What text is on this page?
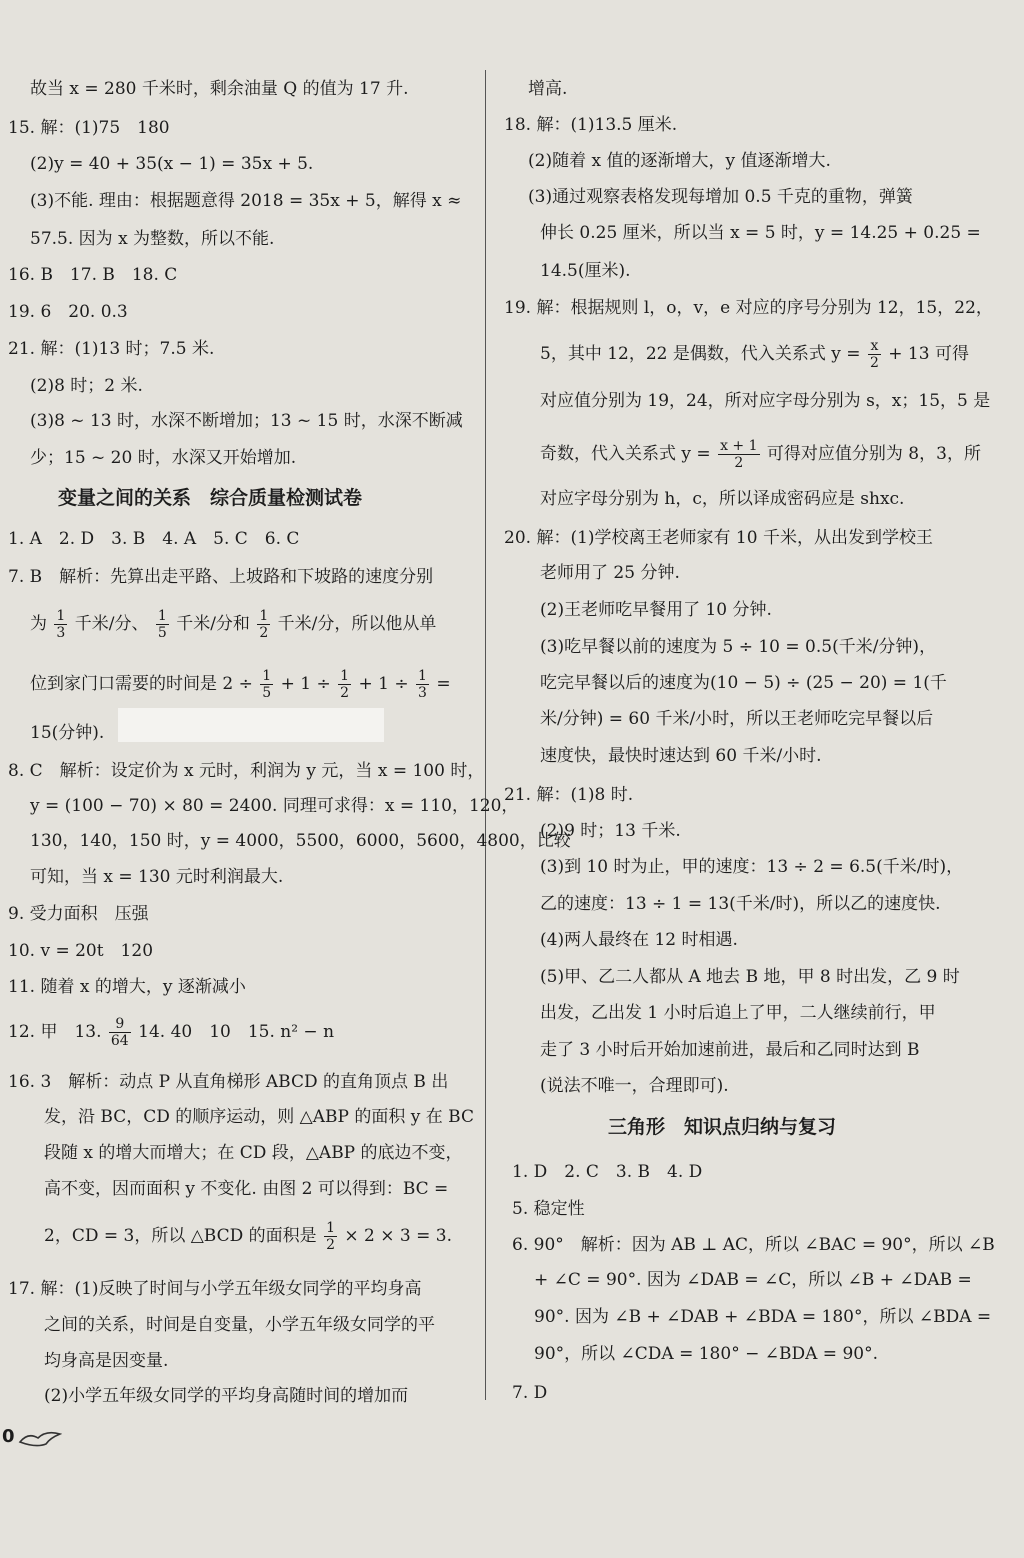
故当 x = 280 千米时，剩余油量 Q 的值为 17 升.
15. 解：(1)75　180
(2)y = 40 + 35(x − 1) = 35x + 5.
(3)不能. 理由：根据题意得 2018 = 35x + 5，解得 x ≈
57.5. 因为 x 为整数，所以不能.
16. B　17. B　18. C
19. 6　20. 0.3
21. 解：(1)13 时；7.5 米.
(2)8 时；2 米.
(3)8 ~ 13 时，水深不断增加；13 ~ 15 时，水深不断减
少；15 ~ 20 时，水深又开始增加.
变量之间的关系　综合质量检测试卷
1. A　2. D　3. B　4. A　5. C　6. C
7. B　解析：先算出走平路、上坡路和下坡路的速度分别
为 $\frac{1}{3}$ 千米/分、 $\frac{1}{5}$ 千米/分和 $\frac{1}{2}$ 千米/分，所以他从单
位到家门口需要的时间是 $2 \div \frac{1}{5} + 1 \div \frac{1}{2} + 1 \div \frac{1}{3}$ =
15(分钟).
8. C　解析：设定价为 x 元时，利润为 y 元，当 x = 100 时，
y = (100 − 70) × 80 = 2400. 同理可求得：x = 110，120，
130，140，150 时，y = 4000，5500，6000，5600，4800，比较
可知，当 x = 130 元时利润最大.
9. 受力面积　压强
10. v = 20t　120
11. 随着 x 的增大，y 逐渐减小
12. 甲　13. $\frac{9}{64} 14$. 40　10　15. n² − n
16. 3　解析：动点 P 从直角梯形 ABCD 的直角顶点 B 出
发，沿 BC，CD 的顺序运动，则 △ABP 的面积 y 在 BC
段随 x 的增大而增大；在 CD 段，△ABP 的底边不变，
高不变，因而面积 y 不变化. 由图 2 可以得到：BC =
2，CD = 3，所以 △BCD 的面积是 $\frac{1}{2} \times 2 \times 3 = 3$.
17. 解：(1)反映了时间与小学五年级女同学的平均身高
之间的关系，时间是自变量，小学五年级女同学的平
均身高是因变量.
(2)小学五年级女同学的平均身高随时间的增加而
0
增高.
18. 解：(1)13.5 厘米.
(2)随着 x 值的逐渐增大，y 值逐渐增大.
(3)通过观察表格发现每增加 0.5 千克的重物，弹簧
伸长 0.25 厘米，所以当 x = 5 时，y = 14.25 + 0.25 =
14.5(厘米).
19. 解：根据规则 l，o，v，e 对应的序号分别为 12，15，22，
5，其中 12，22 是偶数，代入关系式 $y = \frac{x}{2} + 13$ 可得
对应值分别为 19，24，所对应字母分别为 s，x；15，5 是
奇数，代入关系式 $y = \frac{x + 1}{2}$ 可得对应值分别为 8，3，所
对应字母分别为 h，c，所以译成密码应是 shxc.
20. 解：(1)学校离王老师家有 10 千米，从出发到学校王
老师用了 25 分钟.
(2)王老师吃早餐用了 10 分钟.
(3)吃早餐以前的速度为 5 ÷ 10 = 0.5(千米/分钟)，
吃完早餐以后的速度为(10 − 5) ÷ (25 − 20) = 1(千
米/分钟) = 60 千米/小时，所以王老师吃完早餐以后
速度快，最快时速达到 60 千米/小时.
21. 解：(1)8 时.
(2)9 时；13 千米.
(3)到 10 时为止，甲的速度：13 ÷ 2 = 6.5(千米/时)，
乙的速度：13 ÷ 1 = 13(千米/时)，所以乙的速度快.
(4)两人最终在 12 时相遇.
(5)甲、乙二人都从 A 地去 B 地，甲 8 时出发，乙 9 时
出发，乙出发 1 小时后追上了甲，二人继续前行，甲
走了 3 小时后开始加速前进，最后和乙同时达到 B
(说法不唯一，合理即可).
三角形　知识点归纳与复习
1. D　2. C　3. B　4. D
5. 稳定性
6. 90°　解析：因为 AB ⊥ AC，所以 ∠BAC = 90°，所以 ∠B
+ ∠C = 90°. 因为 ∠DAB = ∠C，所以 ∠B + ∠DAB =
90°. 因为 ∠B + ∠DAB + ∠BDA = 180°，所以 ∠BDA =
90°，所以 ∠CDA = 180° − ∠BDA = 90°.
7. D
